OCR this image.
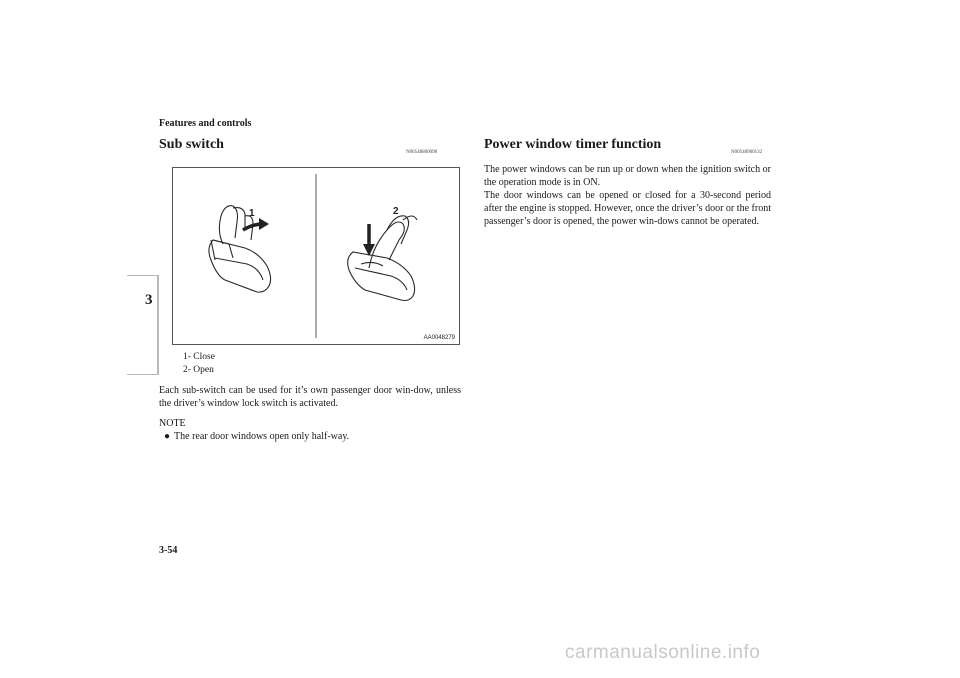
Features and controls
3
Sub switch
N00548800098
1	2
AA0048279
1- Close
2- Open
Each sub-switch can be used for it’s own passenger door win-dow, unless the driver’s window lock switch is activated.
NOTE
● The rear door windows open only half-way.
Power window timer function
N00548900132

The power windows can be run up or down when the ignition switch or the operation mode is in ON.

The door windows can be opened or closed for a 30-second period after the engine is stopped. However, once the driver’s door or the front passenger’s door is opened, the power win-dows cannot be operated.

3-54
carmanualsonline.info
